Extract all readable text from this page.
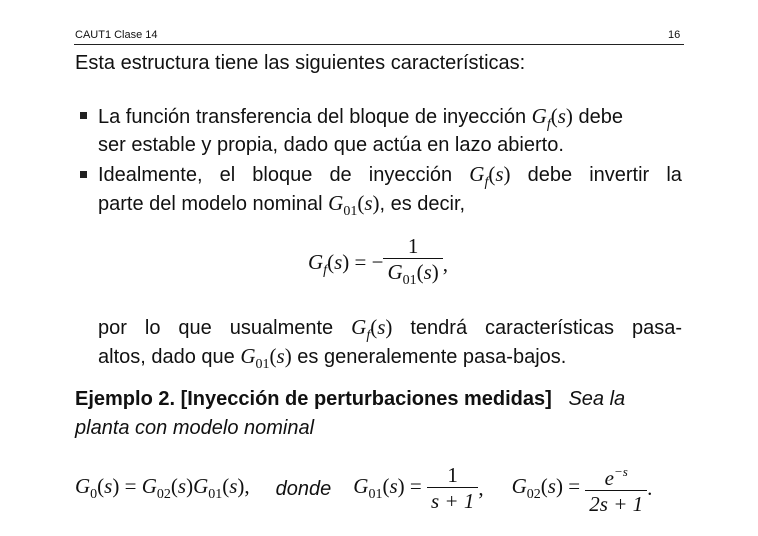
CAUT1 Clase 14	16
Esta estructura tiene las siguientes características:
La función transferencia del bloque de inyección $G_f(s)$ debe
ser estable y propia, dado que actúa en lazo abierto.
Idealmente, el bloque de inyección $G_f(s)$ debe invertir la
parte del modelo nominal $G_{01}(s)$, es decir,
$G_f(s)$ = − $\frac{1}{G_{01}(s)}$ ,
por lo que usualmente $G_f(s)$ tendrá características pasa-
altos, dado que $G_{01}(s)$ es generalemente pasa-bajos.
Ejemplo 2. [Inyección de perturbaciones medidas] Sea la
planta con modelo nominal
$G_0(s) = G_{02}(s)G_{01}(s)$, donde $G_{01}(s) = \frac{1}{s + 1}$ , $G_{02}(s) = \frac{e^{-s}}{2s + 1}$ .
